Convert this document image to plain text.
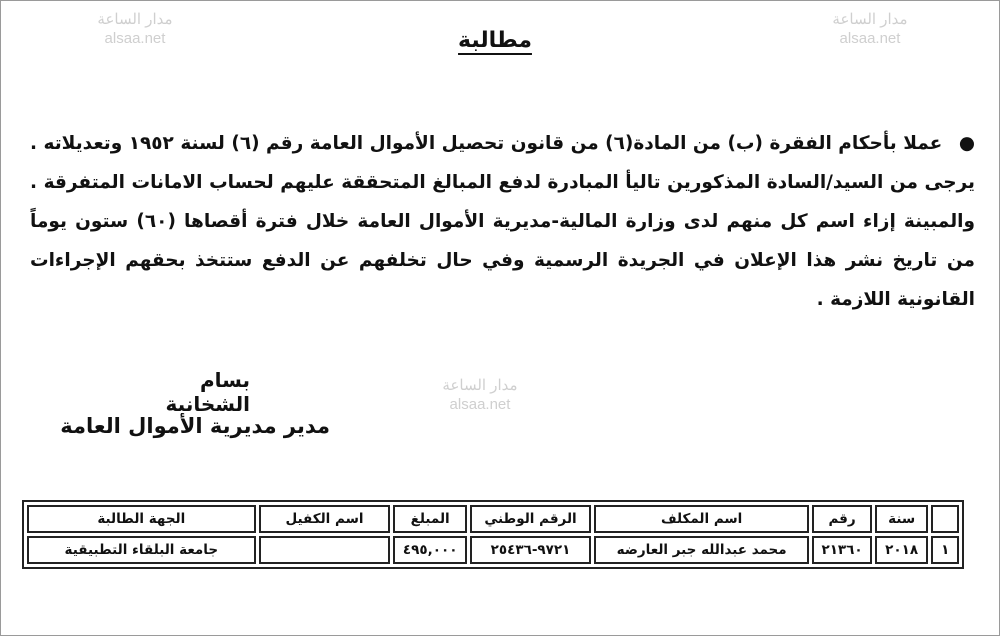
مدار الساعة
alsaa.net
مدار الساعة
alsaa.net
مدار الساعة
alsaa.net
مطالبة

● عملا بأحكام الفقرة (ب) من المادة(٦) من قانون تحصيل الأموال العامة رقم (٦) لسنة ١٩٥٢ وتعديلاته . يرجى من السيد/السادة المذكورين تاليأ المبادرة لدفع المبالغ المتحققة عليهم لحساب الامانات المتفرقة . والمبينة إزاء اسم كل منهم لدى وزارة المالية-مديرية الأموال العامة خلال فترة أقصاها (٦٠) ستون يوماً من تاريخ نشر هذا الإعلان في الجريدة الرسمية وفي حال تخلفهم عن الدفع ستتخذ بحقهم الإجراءات القانونية اللازمة .

بسام الشخانبة
مدير مديرية الأموال العامة
	سنة	رقم	اسم المكلف	الرقم الوطني	المبلغ	اسم الكفيل	الجهة الطالبة
١	٢٠١٨	٢١٣٦٠	محمد عبدالله جبر العارضه	٩٧٢١-٢٥٤٣٦	٤٩٥,٠٠٠		جامعة البلقاء التطبيقية
